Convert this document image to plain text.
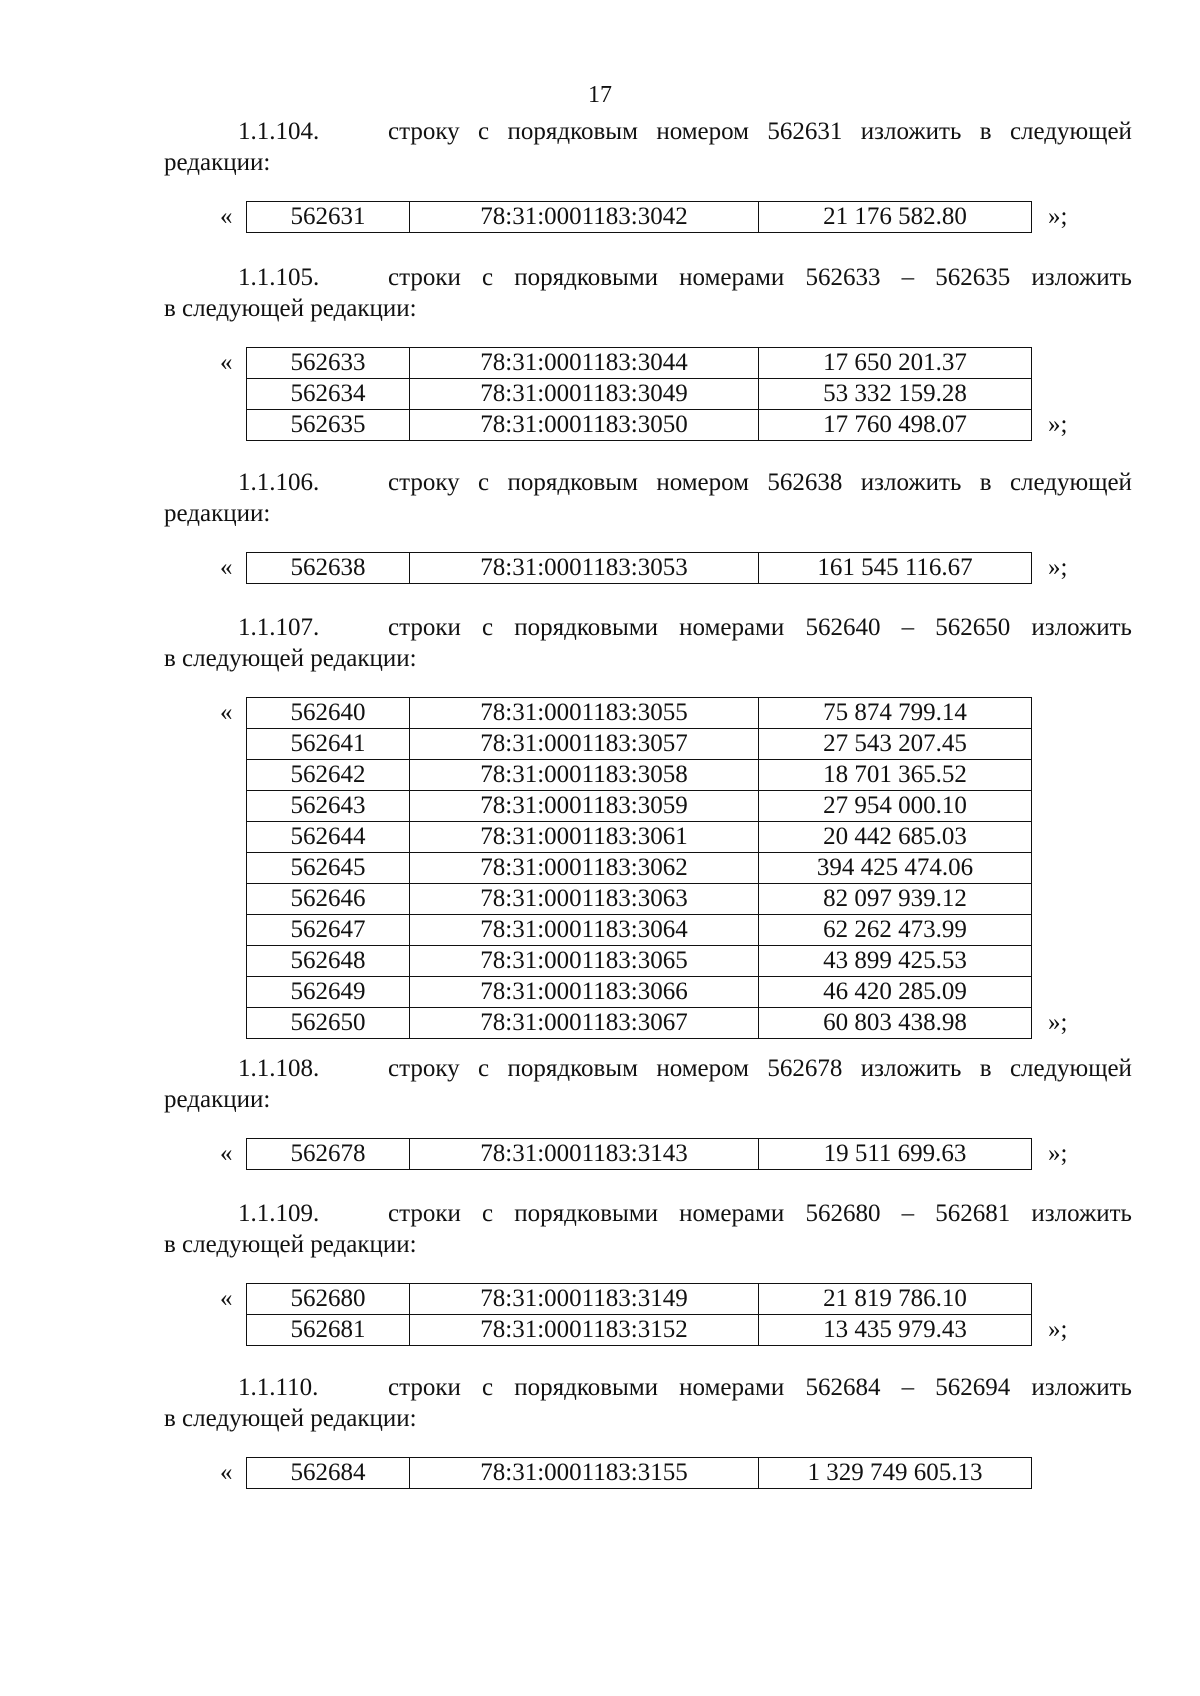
17
1.1.104.	строку с порядковым номером 562631 изложить в следующей
редакции:
« 562631	78:31:0001183:3042	21 176 582.80	»;
1.1.105.	строки с порядковыми номерами 562633 – 562635 изложить
в следующей редакции:
« 562633	78:31:0001183:3044	17 650 201.37
562634	78:31:0001183:3049	53 332 159.28
562635	78:31:0001183:3050	17 760 498.07	»;
1.1.106.	строку с порядковым номером 562638 изложить в следующей
редакции:
« 562638	78:31:0001183:3053	161 545 116.67	»;
1.1.107.	строки с порядковыми номерами 562640 – 562650 изложить
в следующей редакции:
« 562640	78:31:0001183:3055	75 874 799.14
562641	78:31:0001183:3057	27 543 207.45
562642	78:31:0001183:3058	18 701 365.52
562643	78:31:0001183:3059	27 954 000.10
562644	78:31:0001183:3061	20 442 685.03
562645	78:31:0001183:3062	394 425 474.06
562646	78:31:0001183:3063	82 097 939.12
562647	78:31:0001183:3064	62 262 473.99
562648	78:31:0001183:3065	43 899 425.53
562649	78:31:0001183:3066	46 420 285.09
562650	78:31:0001183:3067	60 803 438.98	»;
1.1.108.	строку с порядковым номером 562678 изложить в следующей
редакции:
« 562678	78:31:0001183:3143	19 511 699.63	»;
1.1.109.	строки с порядковыми номерами 562680 – 562681 изложить
в следующей редакции:
« 562680	78:31:0001183:3149	21 819 786.10
562681	78:31:0001183:3152	13 435 979.43	»;
1.1.110.	строки с порядковыми номерами 562684 – 562694 изложить
в следующей редакции:
« 562684	78:31:0001183:3155	1 329 749 605.13
